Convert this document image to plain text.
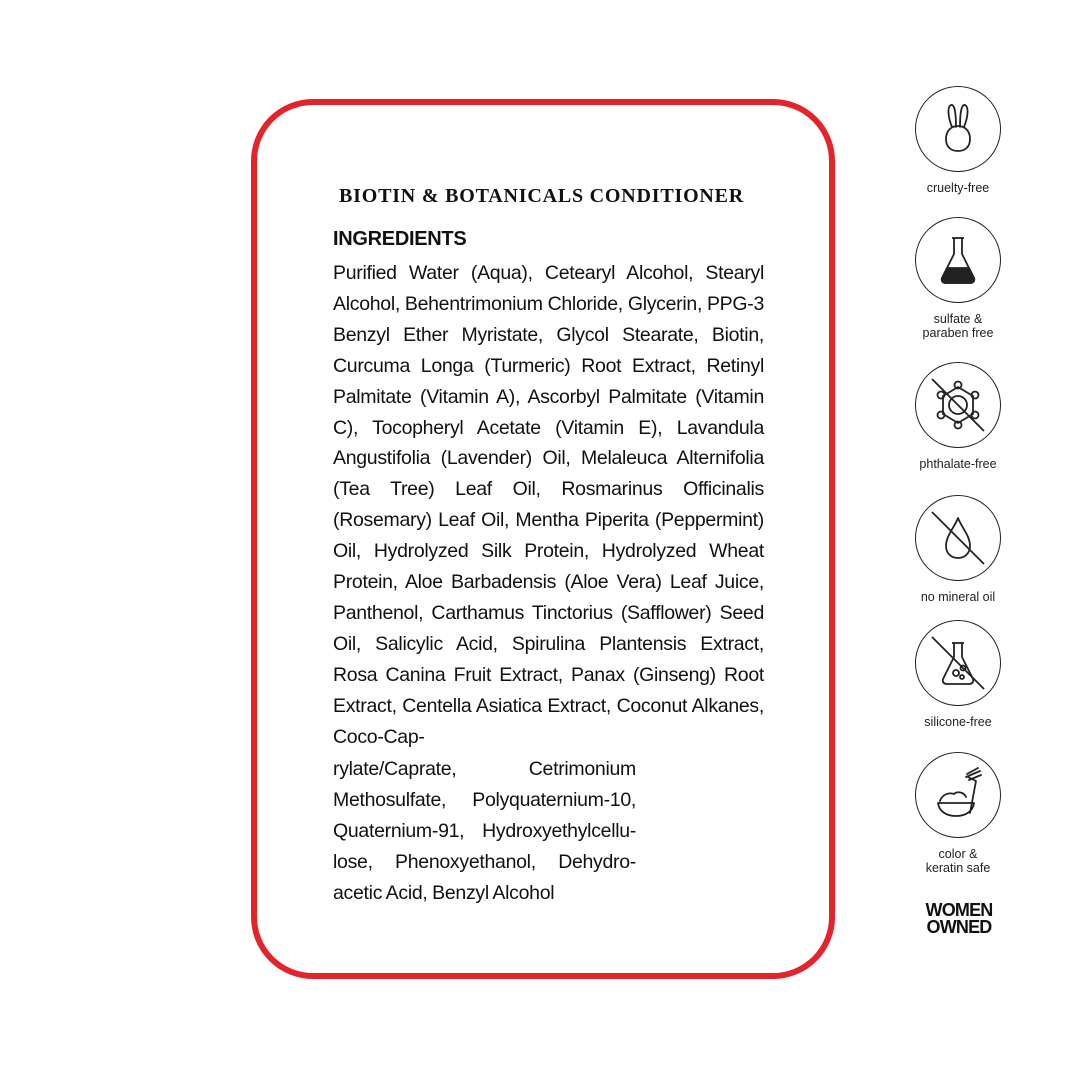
BIOTIN & BOTANICALS CONDITIONER
INGREDIENTS

Purified Water (Aqua), Cetearyl Alcohol, Stearyl Alcohol, Behentrimonium Chloride, Glycerin, PPG-3 Benzyl Ether Myristate, Glycol Stearate, Biotin, Curcuma Longa (Turmeric) Root Extract, Retinyl Palmitate (Vitamin A), Ascorbyl Palmitate (Vitamin C), Tocopheryl Acetate (Vitamin E), Lavandula Angustifolia (Lavender) Oil, Melaleuca Alternifolia (Tea Tree) Leaf Oil, Rosmarinus Officinalis (Rosemary) Leaf Oil, Mentha Piperita (Peppermint) Oil, Hydrolyzed Silk Protein, Hydrolyzed Wheat Protein, Aloe Barbadensis (Aloe Vera) Leaf Juice, Panthenol, Carthamus Tinctorius (Safflower) Seed Oil, Salicylic Acid, Spirulina Plantensis Extract, Rosa Canina Fruit Extract, Panax (Ginseng) Root Extract, Centella Asiatica Extract, Coconut Alkanes, Coco-Cap-

rylate/Caprate, Cetrimonium Methosulfate, Polyquaternium-10, Quaternium-91, Hydroxyethylcellu-lose, Phenoxyethanol, Dehydro-acetic Acid, Benzyl Alcohol

cruelty-free
sulfate &
paraben free
phthalate-free
no mineral oil
silicone-free
color &
keratin safe
WOMEN
OWNED
